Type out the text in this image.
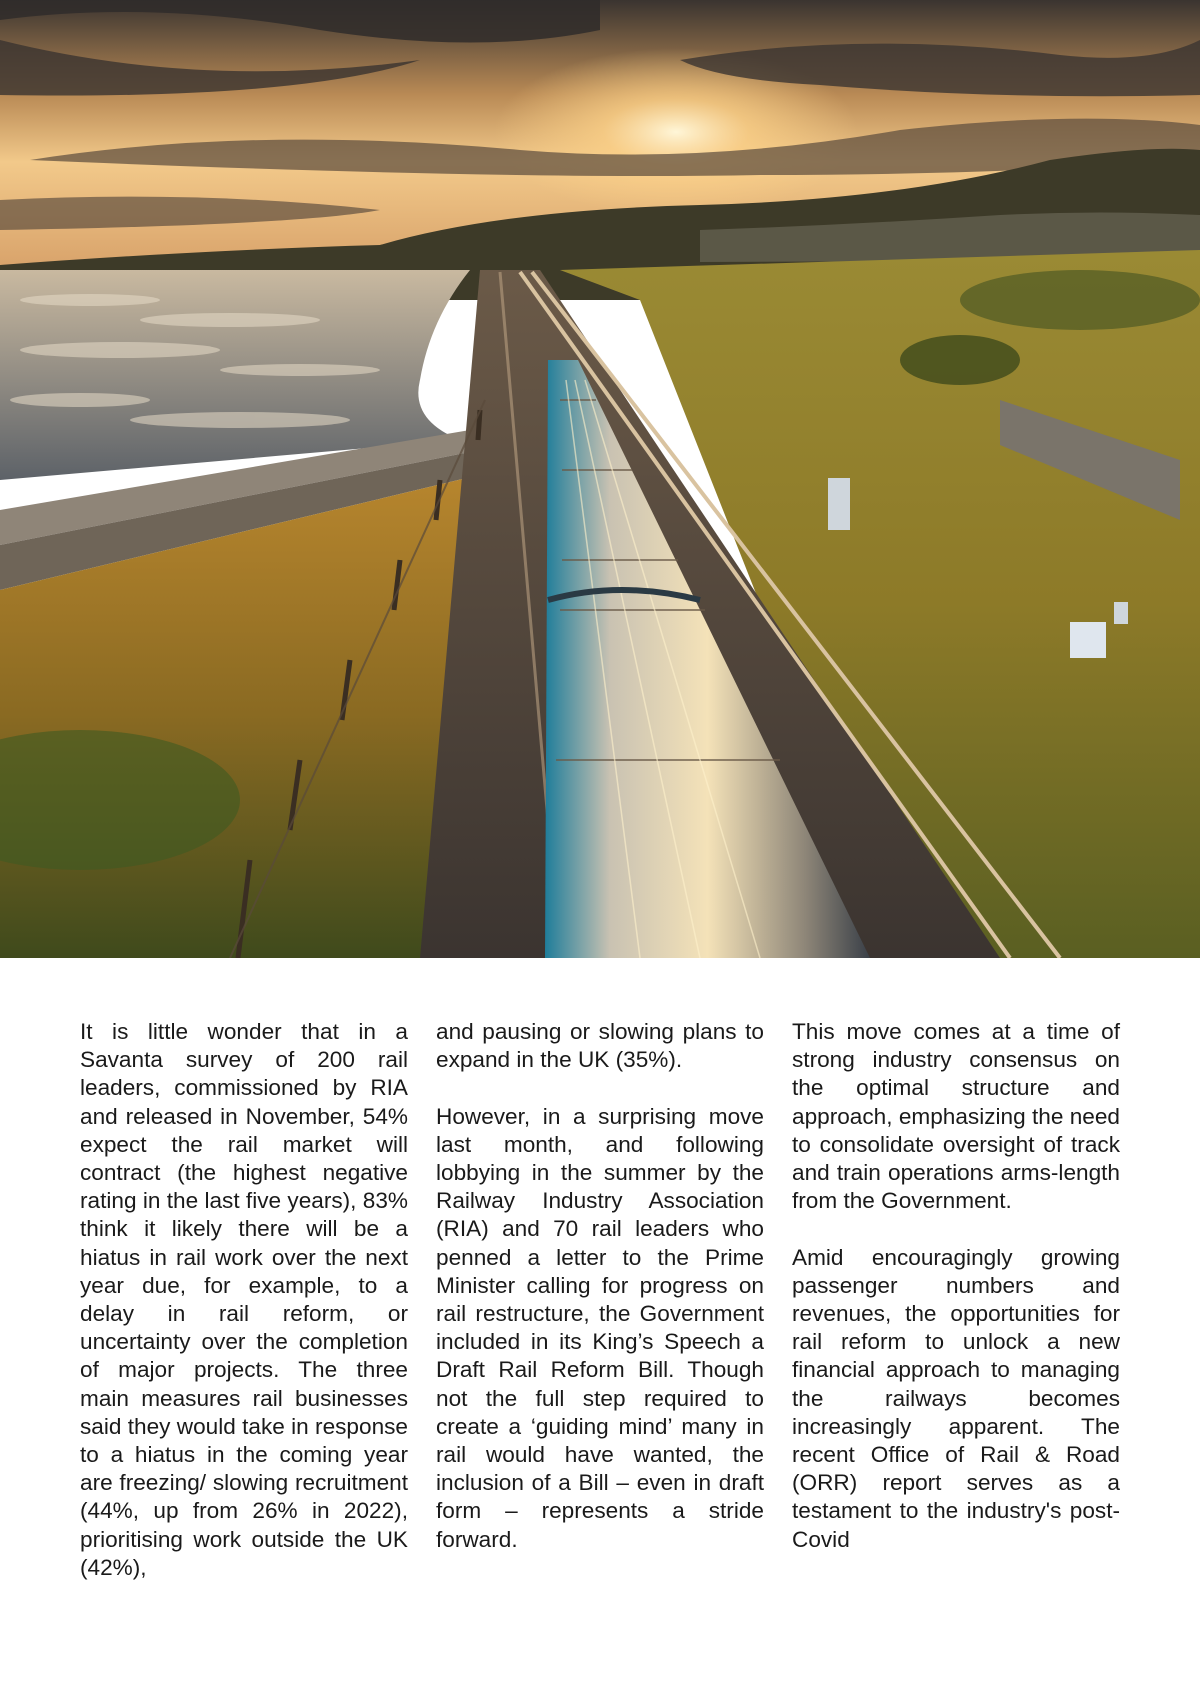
It is little wonder that in a Savanta survey of 200 rail leaders, commissioned by RIA and released in November, 54% expect the rail market will contract (the highest negative rating in the last five years), 83% think it likely there will be a hiatus in rail work over the next year due, for example, to a delay in rail reform, or uncertainty over the completion of major projects. The three main measures rail businesses said they would take in response to a hiatus in the coming year are freezing/ slowing recruitment (44%, up from 26% in 2022), prioritising work outside the UK (42%),

and pausing or slowing plans to expand in the UK (35%).

However, in a surprising move last month, and following lobbying in the summer by the Railway Industry Association (RIA) and 70 rail leaders who penned a letter to the Prime Minister calling for progress on rail restructure, the Government included in its King’s Speech a Draft Rail Reform Bill. Though not the full step required to create a ‘guiding mind’ many in rail would have wanted, the inclusion of a Bill – even in draft form – represents a stride forward.

This move comes at a time of strong industry consensus on the optimal structure and approach, emphasizing the need to consolidate oversight of track and train operations arms-length from the Government.

Amid encouragingly growing passenger numbers and revenues, the opportunities for rail reform to unlock a new financial approach to managing the railways becomes increasingly apparent. The recent Office of Rail & Road (ORR) report serves as a testament to the industry's post-Covid
